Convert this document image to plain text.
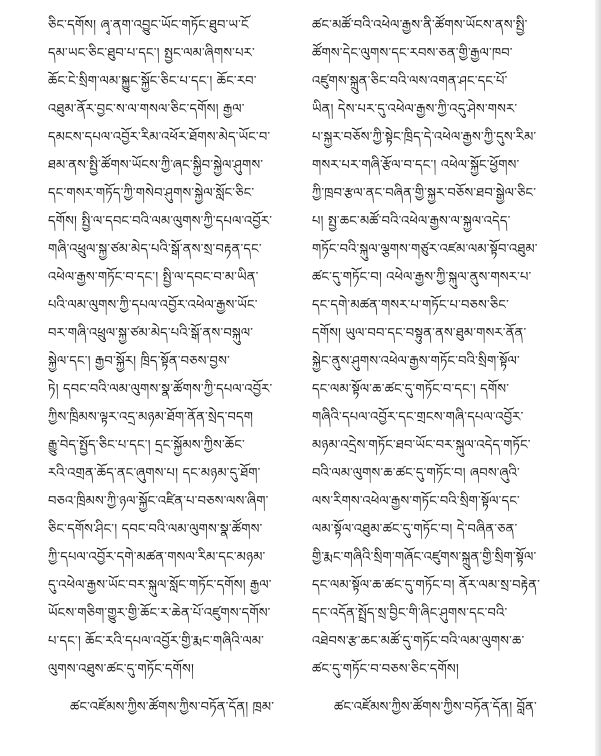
ཅིང་དགོས། ཞྭ་ནག་འབྱུང་ཡོང་གཏོང་ཐུབ་ཡ་ངོ
དམ་ཡང་ཅིང་ཐུབ་པ་དང་། སྤྱང་ལམ་ཞིགས་པར་
ཆོང་ངེ་སྲིག་ལམ་སྐྱུང་སྐྱོང་ཅིང་པ་དང་། ཆོང་རབ་
འཐུམ་ནོར་བྱང་ས་ལ་གསལ་ཅིང་དགོས། རྒྱལ་
དམངས་དཔལ་འབྱོར་རིམ་འཕོར་ཐོགས་མེད་ཡོང་བ་
ཐམ་ནས་སྤྱི་ཚོགས་ཡོངས་ཀྱི་ཞང་སྐྱིབ་སྐྱེལ་ཤུགས་
དང་གསར་གཏོད་ཀྱི་གསེབ་ཤུགས་སྐྱེལ་སློང་ཅིང་
དགོས། སྤྱི་ལ་དབང་བའི་ལམ་ལུགས་ཀྱི་དཔལ་འབྱོར་
གཞི་འཕྲུལ་སྐྱ་ཙམ་མེད་པའི་སྒོ་ནས་སྲ་བརྟན་དང་
འཕེལ་རྒྱས་གཏོང་བ་དང་། སྤྱི་ལ་དབང་བ་མ་ཡིན་
པའི་ལམ་ལུགས་ཀྱི་དཔལ་འབྱོར་འཕེལ་རྒྱས་ཡོང་
བར་གཞི་འཕྲུལ་སྐྱ་ཙམ་མེད་པའི་སྒོ་ནས་བསྐུལ་
སྐྱེལ་དང་། རྒྱབ་སྐྱོར། ཁྲིད་སྟོན་བཅས་བྱས་
ཏེ། དབང་བའི་ལམ་ལུགས་སྣ་ཚོགས་ཀྱི་དཔལ་འབྱོར་
ཀྱིས་ཁྲིམས་ལྟར་འདྲ་མཉམ་ཐོག་ནོན་སྲེད་བདག
རྒྱུ་བེད་སྤྱོད་ཅིང་པ་དང་། དྲང་སྐྱོམས་ཀྱིས་ཆོང་
རའི་འགྲན་ཆོད་ནང་ཞུགས་པ། དང་མཉམ་དུ་ཐོག་
བཅའ་ཁྲིམས་ཀྱི་ཉལ་སྐྱོང་འཛིན་པ་བཅས་ལས་ཞིག་
ཅིང་དགོས་ཤིང་། དབང་བའི་ལམ་ལུགས་སྣ་ཚོགས་
ཀྱི་དཔལ་འབྱོར་དགེ་མཚན་གསལ་རིམ་དང་མཉམ་
དུ་འཕེལ་རྒྱས་ཡོང་བར་སྐུལ་སློང་གཏོང་དགོས། རྒྱལ་
ཡོངས་གཅིག་གྱུར་གྱི་ཆོང་ར་ཆེན་པོ་འཛུགས་དགོས་
པ་དང་། ཆོང་རའི་དཔལ་འབྱོར་གྱི་རྨང་གཞིའི་ལམ་
ལུགས་འཐུས་ཚང་དུ་གཏོང་དགོས།
ཚང་འཛོམས་ཀྱིས་ཚོགས་ཀྱིས་བཏོན་དོན། ཁྲམ་
ཚང་མཚོ་བའི་འཕེལ་རྒྱས་ནི་ཚོགས་ཡོངས་ནས་སྤྱི་
ཚོགས་དེང་ལུགས་དང་རབས་ཅན་གྱི་རྒྱལ་ཁབ་
འཛུགས་སྐྲུན་ཅིང་བའི་ལས་འགན་ཤང་དང་པོ་
ཡིན། དེས་པར་དུ་འཕེལ་རྒྱས་ཀྱི་འདུ་ཤེས་གསར་
པ་སྐྱར་བཅོས་ཀྱི་སྟེང་ཁྲིད་དེ་འཕེལ་རྒྱས་ཀྱི་དུས་རིམ་
གསར་པར་གཞི་རྩོལ་བ་དང་། འཕེལ་སྐྱོང་ཕྱོགས་
ཀྱི་ཁྲབ་རྩལ་ནང་བཞིན་གྱི་སྐྱར་བཅོས་ཐབ་སྒྱེལ་ཅིང་
པ། སྤྱ་ཆང་མཚོ་བའི་འཕེལ་རྒྱས་ལ་སྐྱལ་འདེད་
གཏོང་བའི་སྐུལ་ལྕགས་གཙུར་འཛམ་ལམ་སྟོབ་འཐུམ་
ཚང་དུ་གཏོང་བ། འཕེལ་རྒྱས་ཀྱི་སྐུལ་ནུས་གསར་པ་
དང་དགེ་མཚན་གསར་པ་གཏོང་པ་བཅས་ཅིང་
དགོས། ཡུལ་བབ་དང་བསྟུན་ནས་ཐུམ་གསར་ནོན་
སྐྱེང་ནུས་ཤུགས་འཕེལ་རྒྱས་གཏོང་བའི་སྲིག་སྟོལ་
དང་ལམ་སྟོལ་ཆ་ཚང་དུ་གཏོང་བ་དང་། དགོས་
གཞིའི་དཔལ་འབྱོར་དང་གྲངས་གཞི་དཔལ་འབྱོར་
མཉམ་འདྲེས་གཏོང་ཐབ་ཡོང་བར་སྐུལ་འདེད་གཏོང་
བའི་ལམ་ལུགས་ཆ་ཚང་དུ་གཏོང་བ། ཞབས་ཞུའི་
ལས་རིགས་འཕེལ་རྒྱས་གཏོང་བའི་སྲིག་སྟོལ་དང་
ལམ་སྟོལ་འཐུམ་ཚང་དུ་གཏོང་བ། དེ་བཞིན་ཅན་
གྱི་རྨང་གཞིའི་སྲིག་གཞོང་འཛུགས་སྐྲུན་གྱི་སྲིག་སྟོལ་
དང་ལམ་སྟོལ་ཆ་ཚང་དུ་གཏོང་བ། ནོར་ལམ་སྲ་བརྟེན་
དང་འདོན་སྤྲོད་སྲ་བྱིང་གི་ཞིང་ཤུགས་དང་བའི་
འཐེབས་རྩ་ཆང་མཚོ་དུ་གཏོང་བའི་ལམ་ལུགས་ཆ་
ཚང་དུ་གཏོང་བ་བཅས་ཅིང་དགོས།
ཚང་འཛོམས་ཀྱིས་ཚོགས་ཀྱིས་བཏོན་དོན། བློན་
